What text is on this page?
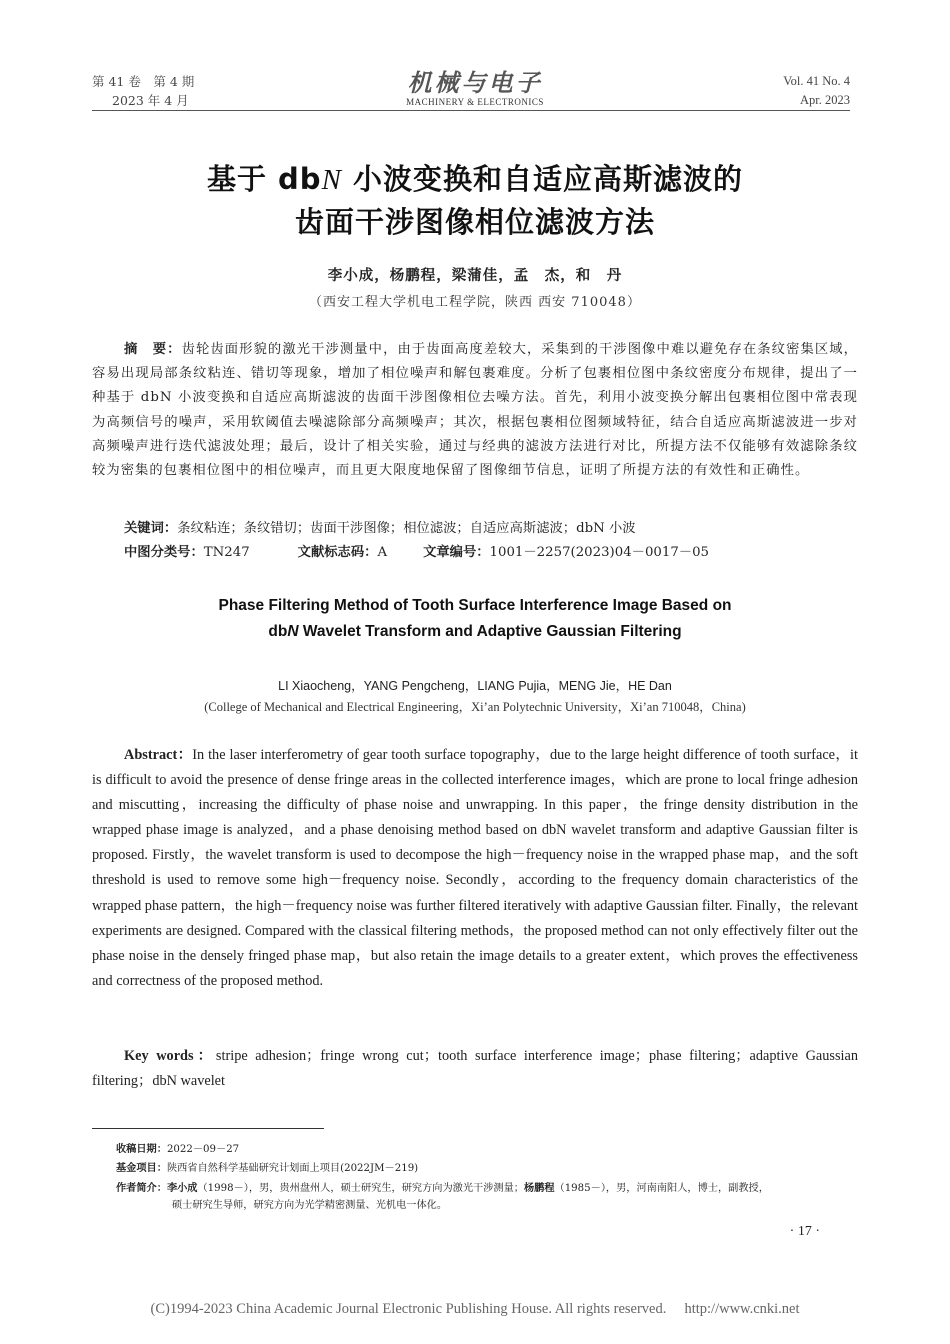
第 41 卷　第 4 期
2023 年 4 月
机械与电子
MACHINERY & ELECTRONICS
Vol. 41 No. 4
Apr. 2023
基于 dbN 小波变换和自适应高斯滤波的
齿面干涉图像相位滤波方法
李小成，杨鹏程，梁蒲佳，孟　杰，和　丹
（西安工程大学机电工程学院，陕西 西安 710048）
摘　要：齿轮齿面形貌的激光干涉测量中，由于齿面高度差较大，采集到的干涉图像中难以避免存在条纹密集区域，容易出现局部条纹粘连、错切等现象，增加了相位噪声和解包裹难度。分析了包裹相位图中条纹密度分布规律，提出了一种基于 dbN 小波变换和自适应高斯滤波的齿面干涉图像相位去噪方法。首先，利用小波变换分解出包裹相位图中常表现为高频信号的噪声，采用软阈值去噪滤除部分高频噪声；其次，根据包裹相位图频域特征，结合自适应高斯滤波进一步对高频噪声进行迭代滤波处理；最后，设计了相关实验，通过与经典的滤波方法进行对比，所提方法不仅能够有效滤除条纹较为密集的包裹相位图中的相位噪声，而且更大限度地保留了图像细节信息，证明了所提方法的有效性和正确性。
关键词：条纹粘连；条纹错切；齿面干涉图像；相位滤波；自适应高斯滤波；dbN 小波
中图分类号：TN247	文献标志码：A	文章编号：1001－2257(2023)04－0017－05
Phase Filtering Method of Tooth Surface Interference Image Based on
dbN Wavelet Transform and Adaptive Gaussian Filtering
LI Xiaocheng，YANG Pengcheng，LIANG Pujia，MENG Jie，HE Dan
(College of Mechanical and Electrical Engineering，Xi’an Polytechnic University，Xi’an 710048，China)
Abstract：In the laser interferometry of gear tooth surface topography，due to the large height difference of tooth surface，it is difficult to avoid the presence of dense fringe areas in the collected interference images，which are prone to local fringe adhesion and miscutting，increasing the difficulty of phase noise and unwrapping. In this paper，the fringe density distribution in the wrapped phase image is analyzed，and a phase denoising method based on dbN wavelet transform and adaptive Gaussian filter is proposed. Firstly，the wavelet transform is used to decompose the high－frequency noise in the wrapped phase map，and the soft threshold is used to remove some high－frequency noise. Secondly，according to the frequency domain characteristics of the wrapped phase pattern，the high－frequency noise was further filtered iteratively with adaptive Gaussian filter. Finally，the relevant experiments are designed. Compared with the classical filtering methods，the proposed method can not only effectively filter out the phase noise in the densely fringed phase map，but also retain the image details to a greater extent，which proves the effectiveness and correctness of the proposed method.
Key words：stripe adhesion；fringe wrong cut；tooth surface interference image；phase filtering；adaptive Gaussian filtering；dbN wavelet
收稿日期：2022－09－27
基金项目：陕西省自然科学基础研究计划面上项目(2022JM－219)
作者简介：李小成（1998－），男，贵州盘州人，硕士研究生，研究方向为激光干涉测量；杨鹏程（1985－），男，河南南阳人，博士，副教授，
硕士研究生导师，研究方向为光学精密测量、光机电一体化。
· 17 ·
(C)1994-2023 China Academic Journal Electronic Publishing House. All rights reserved.　 http://www.cnki.net
